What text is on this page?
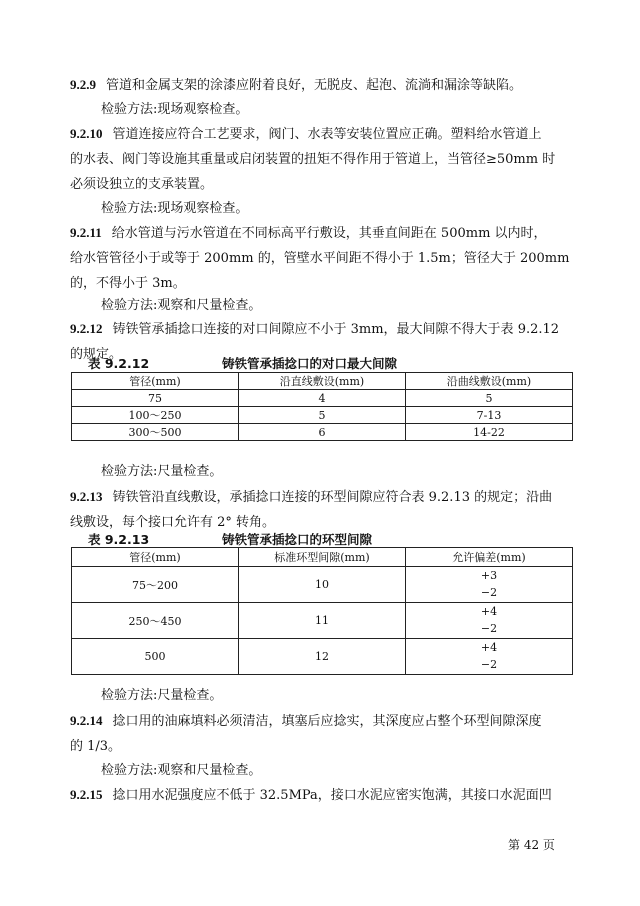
9.2.9 管道和金属支架的涂漆应附着良好，无脱皮、起泡、流淌和漏涂等缺陷。

检验方法:现场观察检查。

9.2.10 管道连接应符合工艺要求，阀门、水表等安装位置应正确。塑料给水管道上
的水表、阀门等设施其重量或启闭装置的扭矩不得作用于管道上，当管径≥50mm 时
必须设独立的支承装置。

检验方法:现场观察检查。

9.2.11 给水管道与污水管道在不同标高平行敷设，其垂直间距在 500mm 以内时，
给水管管径小于或等于 200mm 的，管壁水平间距不得小于 1.5m；管径大于 200mm
的，不得小于 3m。

检验方法:观察和尺量检查。

9.2.12 铸铁管承插捻口连接的对口间隙应不小于 3mm，最大间隙不得大于表 9.2.12
的规定。

表 9.2.12	铸铁管承插捻口的对口最大间隙
管径(mm)	沿直线敷设(mm)	沿曲线敷设(mm)
75	4	5
100～250	5	7-13
300～500	6	14-22

检验方法:尺量检查。

9.2.13 铸铁管沿直线敷设，承插捻口连接的环型间隙应符合表 9.2.13 的规定；沿曲
线敷设，每个接口允许有 2° 转角。

表 9.2.13	铸铁管承插捻口的环型间隙
管径(mm)	标准环型间隙(mm)	允许偏差(mm)
75～200	10	+3
−2

250～450	11	+4
−2

500	12	+4
−2

检验方法:尺量检查。

9.2.14 捻口用的油麻填料必须清洁，填塞后应捻实，其深度应占整个环型间隙深度
的 1/3。

检验方法:观察和尺量检查。

9.2.15 捻口用水泥强度应不低于 32.5MPa，接口水泥应密实饱满，其接口水泥面凹

第 42 页
